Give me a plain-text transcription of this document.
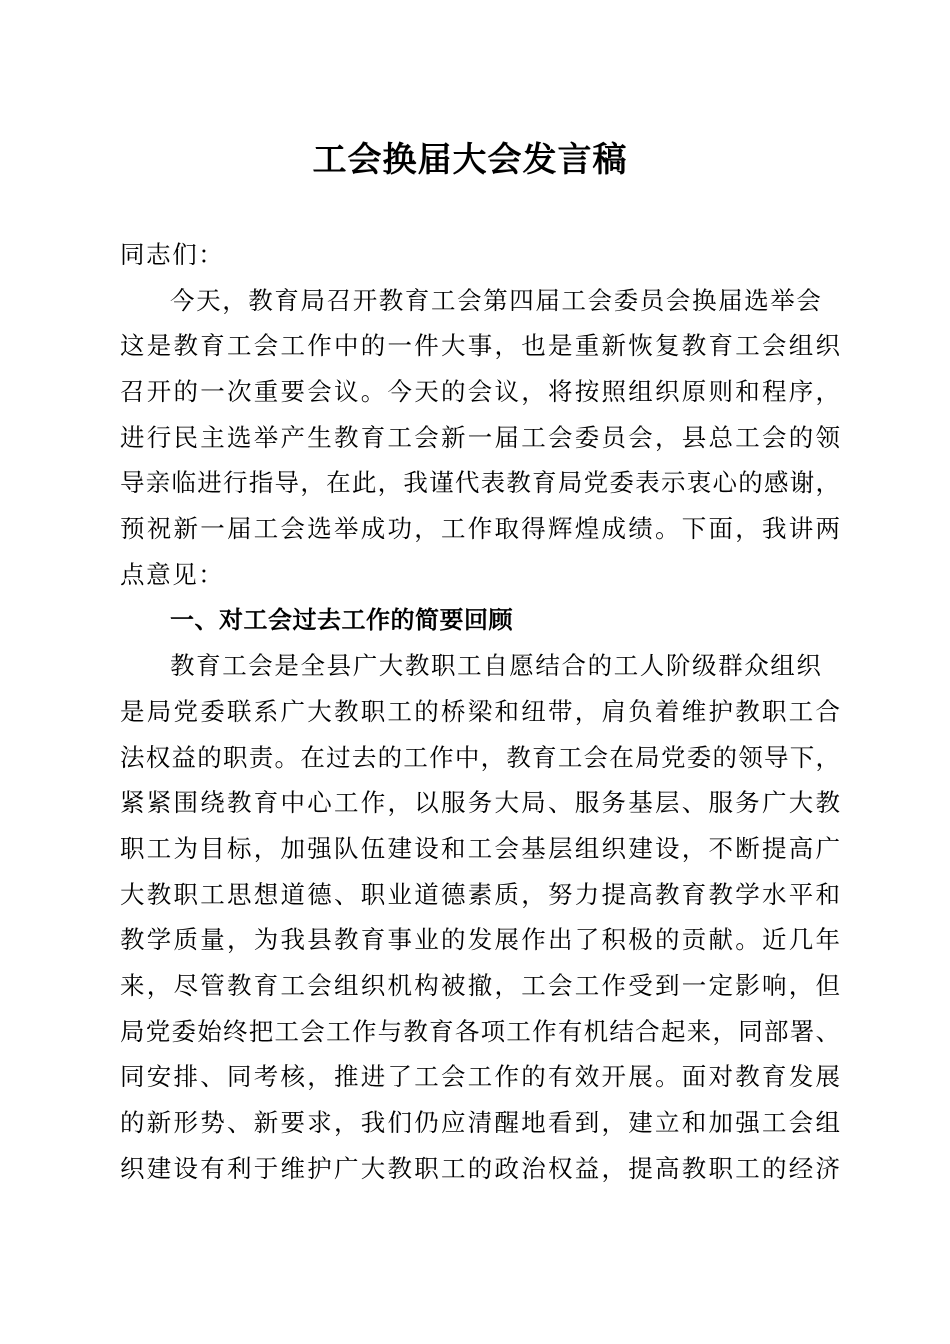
工会换届大会发言稿
同志们：
今天，教育局召开教育工会第四届工会委员会换届选举会
这是教育工会工作中的一件大事，也是重新恢复教育工会组织
召开的一次重要会议。今天的会议，将按照组织原则和程序，
进行民主选举产生教育工会新一届工会委员会，县总工会的领
导亲临进行指导，在此，我谨代表教育局党委表示衷心的感谢，
预祝新一届工会选举成功，工作取得辉煌成绩。下面，我讲两
点意见：
一、对工会过去工作的简要回顾
教育工会是全县广大教职工自愿结合的工人阶级群众组织
是局党委联系广大教职工的桥梁和纽带，肩负着维护教职工合
法权益的职责。在过去的工作中，教育工会在局党委的领导下，
紧紧围绕教育中心工作，以服务大局、服务基层、服务广大教
职工为目标，加强队伍建设和工会基层组织建设，不断提高广
大教职工思想道德、职业道德素质，努力提高教育教学水平和
教学质量，为我县教育事业的发展作出了积极的贡献。近几年
来，尽管教育工会组织机构被撤，工会工作受到一定影响，但
局党委始终把工会工作与教育各项工作有机结合起来，同部署、
同安排、同考核，推进了工会工作的有效开展。面对教育发展
的新形势、新要求，我们仍应清醒地看到，建立和加强工会组
织建设有利于维护广大教职工的政治权益，提高教职工的经济
